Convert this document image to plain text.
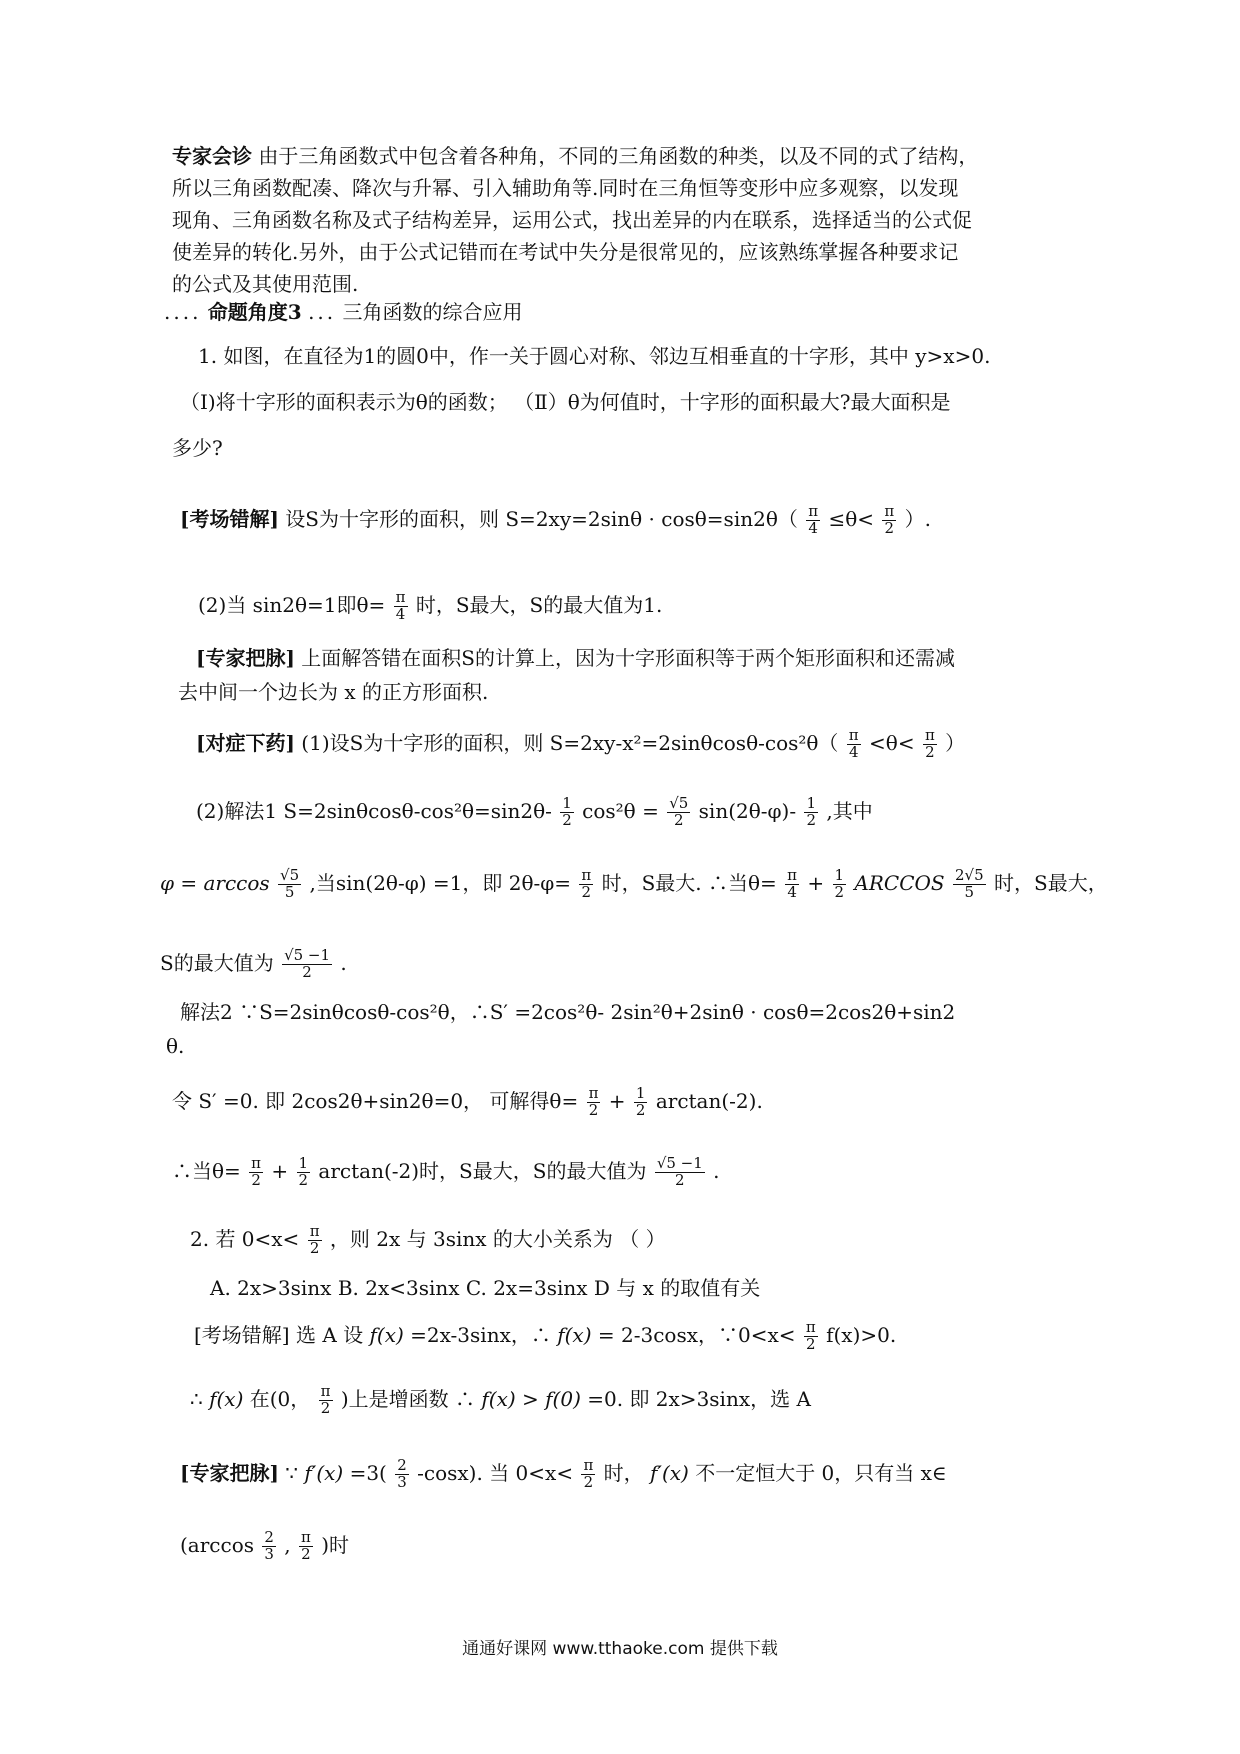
专家会诊 由于三角函数式中包含着各种角，不同的三角函数的种类，以及不同的式了结构，
所以三角函数配凑、降次与升幂、引入辅助角等.同时在三角恒等变形中应多观察，以发现
现角、三角函数名称及式子结构差异，运用公式，找出差异的内在联系，选择适当的公式促
使差异的转化.另外，由于公式记错而在考试中失分是很常见的，应该熟练掌握各种要求记
的公式及其使用范围.
.... 命题角度3 ... 三角函数的综合应用
1. 如图，在直径为1的圆0中，作一关于圆心对称、邻边互相垂直的十字形，其中 y>x>0.
（Ⅰ)将十字形的面积表示为θ的函数； （Ⅱ）θ为何值时，十字形的面积最大?最大面积是
多少?
[考场错解] 设S为十字形的面积，则 $S=2xy=2\sin\theta \cdot \cos\theta=\sin 2\theta( \frac{\pi}{4} \le\theta< \frac{\pi}{2}$ ）.
(2)当 sin2θ=1即$\theta= \frac{\pi}{4}$ 时，S最大，S的最大值为1.
[专家把脉] 上面解答错在面积S的计算上，因为十字形面积等于两个矩形面积和还需减
去中间一个边长为 x 的正方形面积.
[对症下药] (1)设S为十字形的面积，则 $S=2xy-x^2=2\sin\theta\cos\theta-\cos^2\theta( \frac{\pi}{4} <\theta< \frac{\pi}{2}$ ）
(2)解法1 $S=2\sin\theta\cos\theta-\cos^2\theta=\sin 2\theta- \frac{1}{2} \cos^2\theta = \frac{√5}{2} \sin(2\theta-\varphi)- \frac{1}{2}$ ,其中
$\varphi = \arccos \frac{√5}{5}$ ,当sin(2θ-φ) =1，即 $2\theta-\varphi= \frac{\pi}{2}$ 时，S最大. ∴当$\theta= \frac{\pi}{4} + \frac{1}{2}$ ARCCOS $\frac{2√5}{5}$ 时，S最大，
S的最大值为 $\frac{√5 -1}{2}$ .
解法2 ∵S=2sinθcosθ-cos²θ，∴S′ =2cos²θ- 2sin²θ+2sinθ · cosθ=2cos2θ+sin2
θ.
令 S′ =0. 即 2cos2θ+sin2θ=0， 可解得$\theta= \frac{\pi}{2} + \frac{1}{2} \arctan(-2)$.
∴当$\theta= \frac{\pi}{2} + \frac{1}{2} \arctan(-2)$时，S最大，S的最大值为 $\frac{√5 -1}{2}$ .
2. 若 $0<x< \frac{\pi}{2}$ ，则 2x 与 3sinx 的大小关系为 （ ）
A. 2x>3sinx B. 2x<3sinx C. 2x=3sinx D 与 x 的取值有关
[考场错解] 选 A 设 f(x) =2x-3sinx，∴ f(x) = 2-3cosx，∵0<x< $\frac{\pi}{2} f(x)>0$.
∴ f(x) 在(0， $\frac{\pi}{2}$ )上是增函数 ∴ f(x) > f(0) =0. 即 2x>3sinx，选 A
[专家把脉] ∵ $f'(x) =3( \frac{2}{3} -\cos x)$. 当 $0<x< \frac{\pi}{2}$ 时， f′(x) 不一定恒大于 0，只有当 x∈
($\arccos \frac{2}{3}$ , $\frac{\pi}{2}$ )时
通通好课网 www.tthaoke.com 提供下载
